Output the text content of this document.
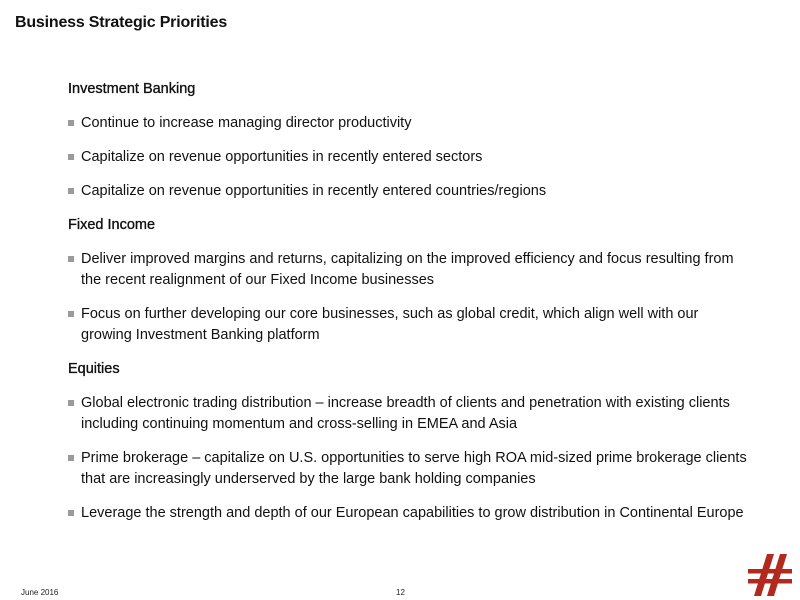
Business Strategic Priorities
Investment Banking
Continue to increase managing director productivity
Capitalize on revenue opportunities in recently entered sectors
Capitalize on revenue opportunities in recently entered countries/regions
Fixed Income
Deliver improved margins and returns, capitalizing on the improved efficiency and focus resulting from the recent realignment of our Fixed Income businesses
Focus on further developing our core businesses, such as global credit, which align well with our growing Investment Banking platform
Equities
Global electronic trading distribution – increase breadth of clients and penetration with existing clients including continuing momentum and cross-selling in EMEA and Asia
Prime brokerage – capitalize on U.S. opportunities to serve high ROA mid-sized prime brokerage clients that are increasingly underserved by the large bank holding companies
Leverage the strength and depth of our European capabilities to grow distribution in Continental Europe
June 2016	12
